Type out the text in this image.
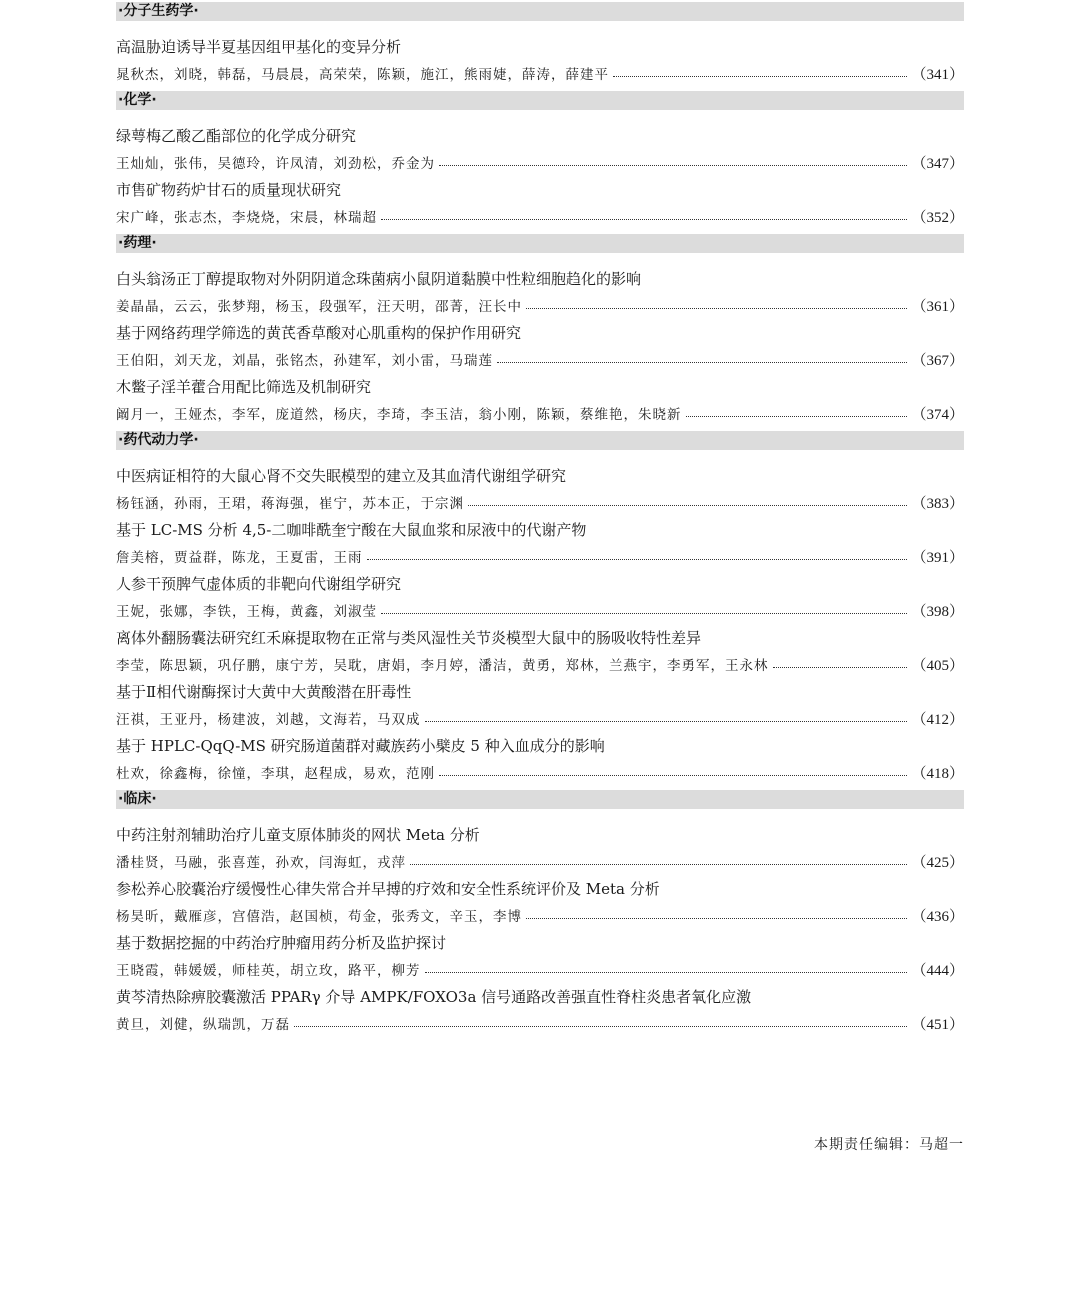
·分子生药学·
高温胁迫诱导半夏基因组甲基化的变异分析
晁秋杰，刘晓，韩磊，马晨晨，高荣荣，陈颖，施江，熊雨婕，薛涛，薛建平	（341）
·化学·
绿萼梅乙酸乙酯部位的化学成分研究
王灿灿，张伟，吴德玲，许凤清，刘劲松，乔金为	（347）
市售矿物药炉甘石的质量现状研究
宋广峰，张志杰，李烧烧，宋晨，林瑞超	（352）
·药理·
白头翁汤正丁醇提取物对外阴阴道念珠菌病小鼠阴道黏膜中性粒细胞趋化的影响
姜晶晶，云云，张梦翔，杨玉，段强军，汪天明，邵菁，汪长中	（361）
基于网络药理学筛选的黄芪香草酸对心肌重构的保护作用研究
王伯阳，刘天龙，刘晶，张铭杰，孙建军，刘小雷，马瑞莲	（367）
木鳖子淫羊藿合用配比筛选及机制研究
阚月一，王娅杰，李军，庞道然，杨庆，李琦，李玉洁，翁小刚，陈颖，蔡维艳，朱晓新	（374）
·药代动力学·
中医病证相符的大鼠心肾不交失眠模型的建立及其血清代谢组学研究
杨钰涵，孙雨，王珺，蒋海强，崔宁，苏本正，于宗渊	（383）
基于 LC-MS 分析 4,5-二咖啡酰奎宁酸在大鼠血浆和尿液中的代谢产物
詹美榕，贾益群，陈龙，王夏雷，王雨	（391）
人参干预脾气虚体质的非靶向代谢组学研究
王妮，张娜，李铁，王梅，黄鑫，刘淑莹	（398）
离体外翻肠囊法研究红禾麻提取物在正常与类风湿性关节炎模型大鼠中的肠吸收特性差异
李莹，陈思颖，巩仔鹏，康宁芳，吴耽，唐娟，李月婷，潘洁，黄勇，郑林，兰燕宇，李勇军，王永林	（405）
基于Ⅱ相代谢酶探讨大黄中大黄酸潜在肝毒性
汪祺，王亚丹，杨建波，刘越，文海若，马双成	（412）
基于 HPLC-QqQ-MS 研究肠道菌群对藏族药小檗皮 5 种入血成分的影响
杜欢，徐鑫梅，徐憧，李琪，赵程成，易欢，范刚	（418）
·临床·
中药注射剂辅助治疗儿童支原体肺炎的网状 Meta 分析
潘桂贤，马融，张喜莲，孙欢，闫海虹，戎萍	（425）
参松养心胶囊治疗缓慢性心律失常合并早搏的疗效和安全性系统评价及 Meta 分析
杨昊昕，戴雁彦，宫僖浩，赵国桢，苟金，张秀文，辛玉，李博	（436）
基于数据挖掘的中药治疗肿瘤用药分析及监护探讨
王晓霞，韩媛媛，师桂英，胡立玫，路平，柳芳	（444）
黄芩清热除痹胶囊激活 PPARγ 介导 AMPK/FOXO3a 信号通路改善强直性脊柱炎患者氧化应激
黄旦，刘健，纵瑞凯，万磊	（451）
本期责任编辑：马超一
